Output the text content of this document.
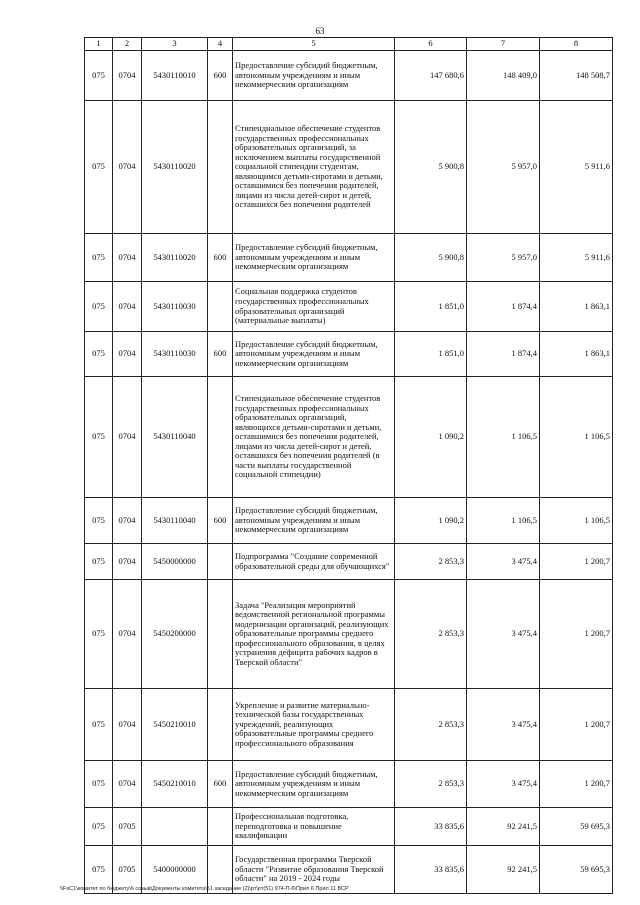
63
1	2	3	4	5	6	7	8
075	0704	5430110010	600	Предоставление субсидий бюджетным, автономным учреждениям и иным некоммерческим организациям	147 680,6	148 409,0	148 508,7
075	0704	5430110020		Стипендиальное обеспечение студентов государственных профессиональных образовательных организаций, за исключением выплаты государственной социальной стипендии студентам, являющимся детьми-сиротами и детьми, оставшимися без попечения родителей, лицами из числа детей-сирот и детей, оставшихся без попечения родителей	5 900,8	5 957,0	5 911,6
075	0704	5430110020	600	Предоставление субсидий бюджетным, автономным учреждениям и иным некоммерческим организациям	5 900,8	5 957,0	5 911,6
075	0704	5430110030		Социальная поддержка студентов государственных профессиональных образовательных организаций (материальные выплаты)	1 851,0	1 874,4	1 863,1
075	0704	5430110030	600	Предоставление субсидий бюджетным, автономным учреждениям и иным некоммерческим организациям	1 851,0	1 874,4	1 863,1
075	0704	5430110040		Стипендиальное обеспечение студентов государственных профессиональных образовательных организаций, являющихся детьми-сиротами и детьми, оставшимися без попечения родителей, лицами из числа детей-сирот и детей, оставшихся без попечения родителей (в части выплаты государственной социальной стипендии)	1 090,2	1 106,5	1 106,5
075	0704	5430110040	600	Предоставление субсидий бюджетным, автономным учреждениям и иным некоммерческим организациям	1 090,2	1 106,5	1 106,5
075	0704	5450000000		Подпрограмма "Создание современной образовательной среды для обучающихся"	2 853,3	3 475,4	1 200,7
075	0704	5450200000		Задача "Реализация мероприятий ведомственной региональной программы модернизации организаций, реализующих образовательные программы среднего профессионального образования, в целях устранения дефицита рабочих кадров в Тверской области"	2 853,3	3 475,4	1 200,7
075	0704	5450210010		Укрепление и развитие материально-технической базы государственных учреждений, реализующих образовательные программы среднего профессионального образования	2 853,3	3 475,4	1 200,7
075	0704	5450210010	600	Предоставление субсидий бюджетным, автономным учреждениям и иным некоммерческим организациям	2 853,3	3 475,4	1 200,7
075	0705			Профессиональная подготовка, переподготовка и повышение квалификации	33 835,6	92 241,5	59 695,3
075	0705	5400000000		Государственная программа Тверской области "Развитие образования Тверской области" на 2019 - 2024 годы	33 835,6	92 241,5	59 695,3
\\FsC1\комитет по бюджету\6 созыв\Документы комитета\51 заседание (2)\рт\рт(51) 974-П-6\Прил 6 Прил 11 ВСР
